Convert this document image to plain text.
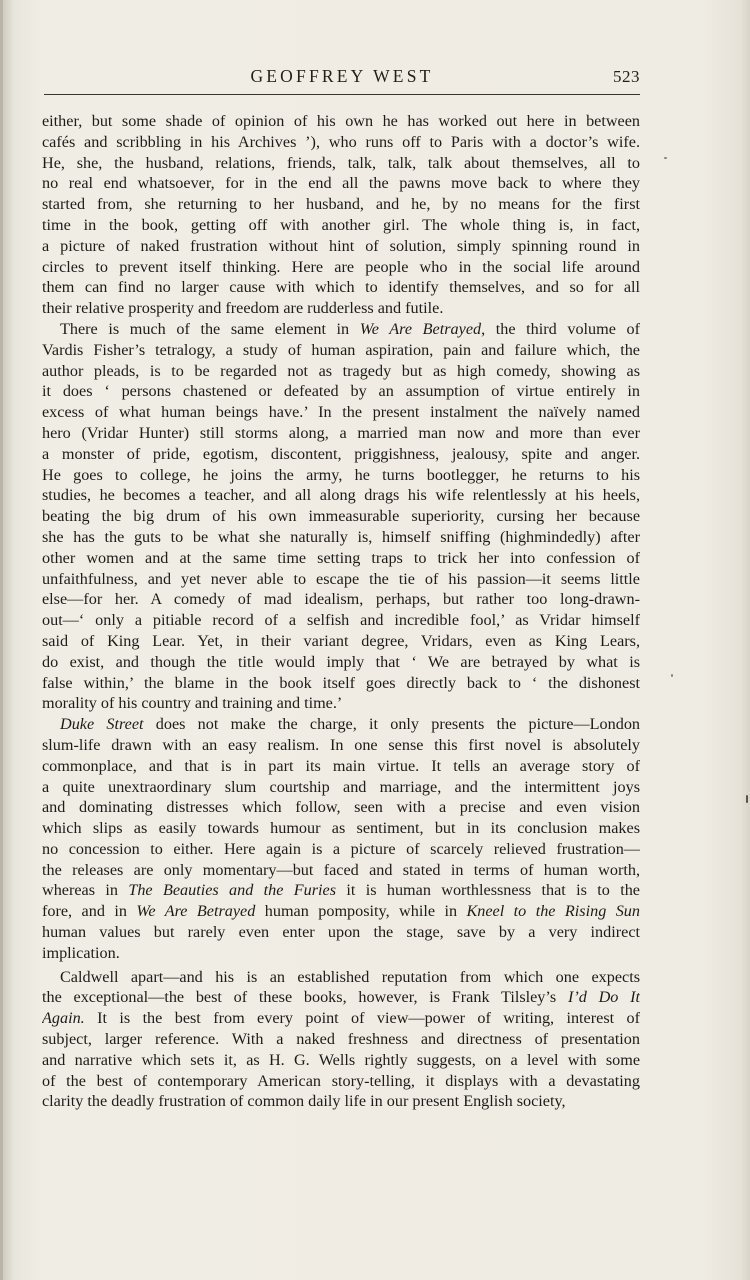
GEOFFREY WEST	523
either, but some shade of opinion of his own he has worked out here in between
cafés and scribbling in his Archives ’), who runs off to Paris with a doctor’s wife.
He, she, the husband, relations, friends, talk, talk, talk about themselves, all to
no real end whatsoever, for in the end all the pawns move back to where they
started from, she returning to her husband, and he, by no means for the first
time in the book, getting off with another girl. The whole thing is, in fact,
a picture of naked frustration without hint of solution, simply spinning round in
circles to prevent itself thinking. Here are people who in the social life around
them can find no larger cause with which to identify themselves, and so for all
their relative prosperity and freedom are rudderless and futile.
There is much of the same element in We Are Betrayed, the third volume of
Vardis Fisher’s tetralogy, a study of human aspiration, pain and failure which, the
author pleads, is to be regarded not as tragedy but as high comedy, showing as
it does ‘ persons chastened or defeated by an assumption of virtue entirely in
excess of what human beings have.’ In the present instalment the naïvely named
hero (Vridar Hunter) still storms along, a married man now and more than ever
a monster of pride, egotism, discontent, priggishness, jealousy, spite and anger.
He goes to college, he joins the army, he turns bootlegger, he returns to his
studies, he becomes a teacher, and all along drags his wife relentlessly at his heels,
beating the big drum of his own immeasurable superiority, cursing her because
she has the guts to be what she naturally is, himself sniffing (highmindedly) after
other women and at the same time setting traps to trick her into confession of
unfaithfulness, and yet never able to escape the tie of his passion—it seems little
else—for her. A comedy of mad idealism, perhaps, but rather too long-drawn-
out—‘ only a pitiable record of a selfish and incredible fool,’ as Vridar himself
said of King Lear. Yet, in their variant degree, Vridars, even as King Lears,
do exist, and though the title would imply that ‘ We are betrayed by what is
false within,’ the blame in the book itself goes directly back to ‘ the dishonest
morality of his country and training and time.’
Duke Street does not make the charge, it only presents the picture—London
slum-life drawn with an easy realism. In one sense this first novel is absolutely
commonplace, and that is in part its main virtue. It tells an average story of
a quite unextraordinary slum courtship and marriage, and the intermittent joys
and dominating distresses which follow, seen with a precise and even vision
which slips as easily towards humour as sentiment, but in its conclusion makes
no concession to either. Here again is a picture of scarcely relieved frustration—
the releases are only momentary—but faced and stated in terms of human worth,
whereas in The Beauties and the Furies it is human worthlessness that is to the
fore, and in We Are Betrayed human pomposity, while in Kneel to the Rising Sun
human values but rarely even enter upon the stage, save by a very indirect
implication.
Caldwell apart—and his is an established reputation from which one expects
the exceptional—the best of these books, however, is Frank Tilsley’s I’d Do It
Again. It is the best from every point of view—power of writing, interest of
subject, larger reference. With a naked freshness and directness of presentation
and narrative which sets it, as H. G. Wells rightly suggests, on a level with some
of the best of contemporary American story-telling, it displays with a devastating
clarity the deadly frustration of common daily life in our present English society,
